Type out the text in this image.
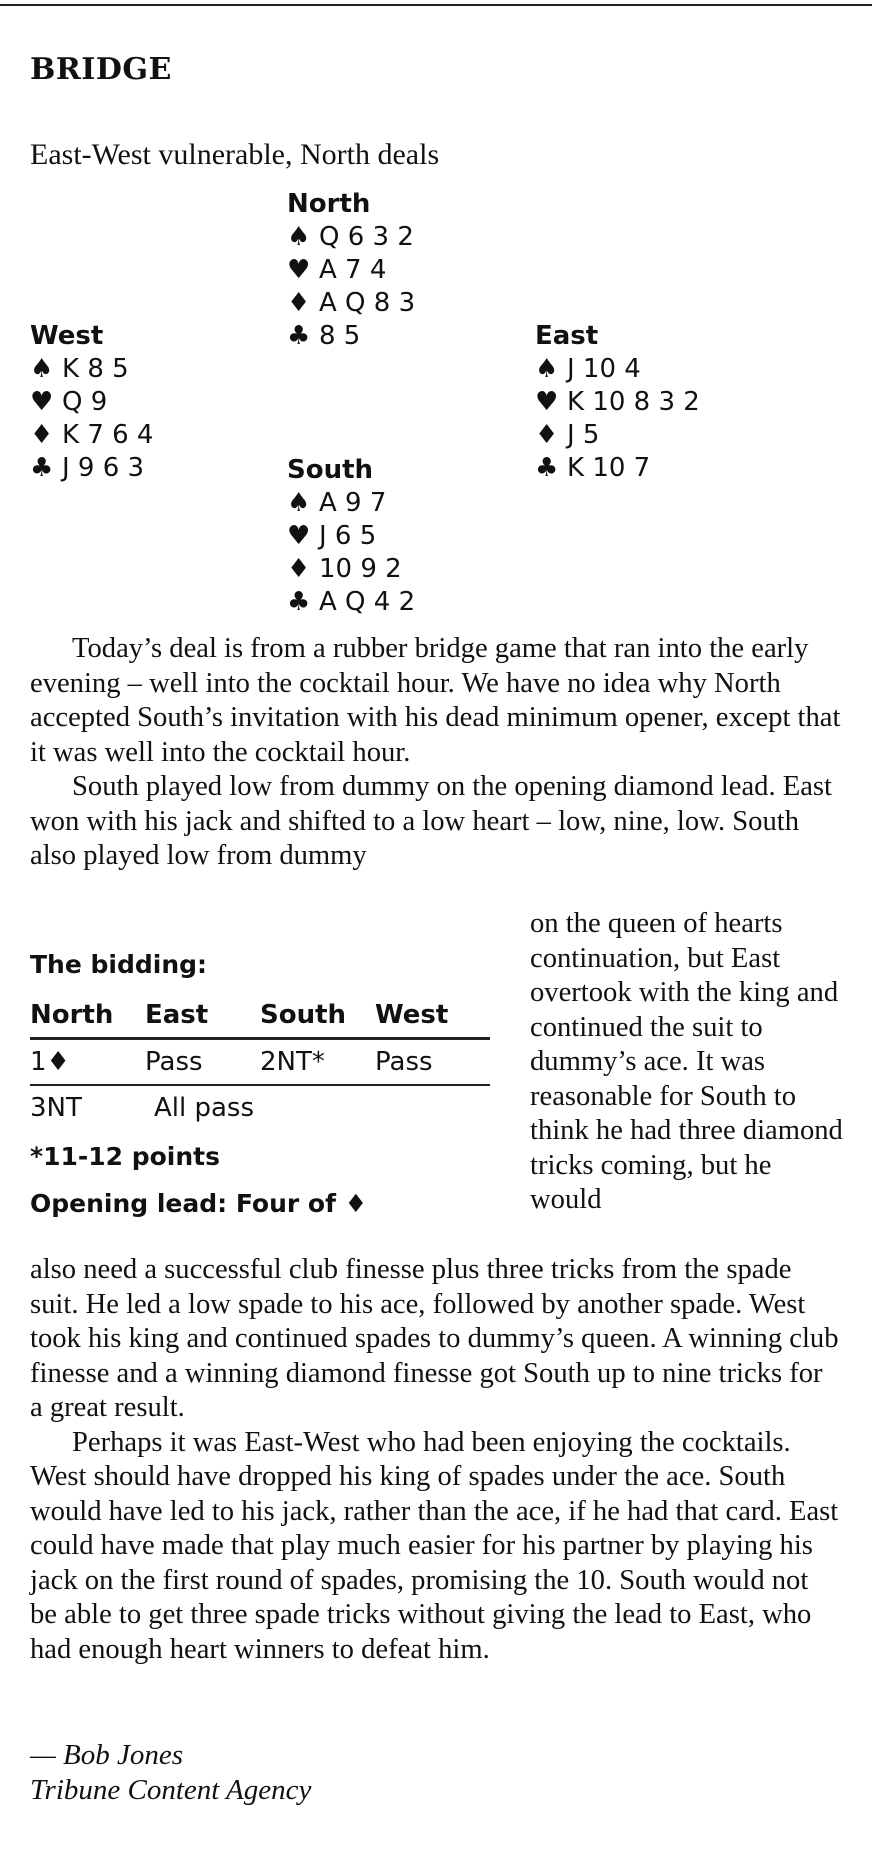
BRIDGE
East-West vulnerable, North deals
North
♠ Q 6 3 2
♥ A 7 4
♦ A Q 8 3
♣ 8 5
West
♠ K 8 5
♥ Q 9
♦ K 7 6 4
♣ J 9 6 3
East
♠ J 10 4
♥ K 10 8 3 2
♦ J 5
♣ K 10 7
South
♠ A 9 7
♥ J 6 5
♦ 10 9 2
♣ A Q 4 2

Today’s deal is from a rubber bridge game that ran into the early evening – well into the cocktail hour. We have no idea why North accepted South’s invitation with his dead minimum opener, except that it was well into the cocktail hour.

South played low from dummy on the opening diamond lead. East won with his jack and shifted to a low heart – low, nine, low. South also played low from dummy

The bidding:
North	East	South	West
1♦	Pass	2NT*	Pass
3NT	All pass
*11-12 points
Opening lead: Four of ♦

on the queen of hearts continuation, but East overtook with the king and continued the suit to dummy’s ace. It was reasonable for South to think he had three diamond tricks coming, but he would

also need a successful club finesse plus three tricks from the spade suit. He led a low spade to his ace, followed by another spade. West took his king and continued spades to dummy’s queen. A winning club finesse and a winning diamond finesse got South up to nine tricks for a great result.

Perhaps it was East-West who had been enjoying the cocktails. West should have dropped his king of spades under the ace. South would have led to his jack, rather than the ace, if he had that card. East could have made that play much easier for his partner by playing his jack on the first round of spades, promising the 10. South would not be able to get three spade tricks without giving the lead to East, who had enough heart winners to defeat him.

— Bob Jones
Tribune Content Agency
